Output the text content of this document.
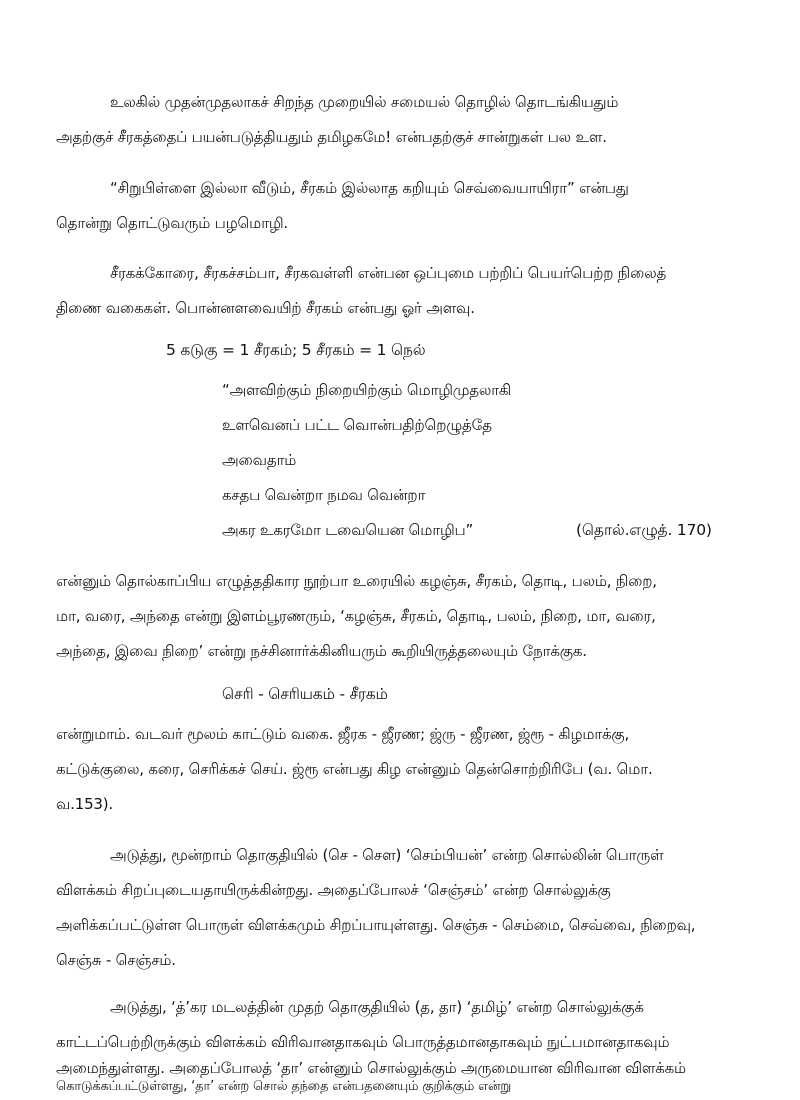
உலகில் முதன்முதலாகச் சிறந்த முறையில் சமையல் தொழில் தொடங்கியதும்
அதற்குச் சீரகத்தைப் பயன்படுத்தியதும் தமிழகமே! என்பதற்குச் சான்றுகள் பல உள.
“சிறுபிள்ளை இல்லா வீடும், சீரகம் இல்லாத கறியும் செவ்வையாயிரா” என்பது
தொன்று தொட்டுவரும் பழமொழி.
சீரகக்கோரை, சீரகச்சம்பா, சீரகவள்ளி என்பன ஒப்புமை பற்றிப் பெயர்பெற்ற நிலைத்
திணை வகைகள். பொன்னளவையிற் சீரகம் என்பது ஓர் அளவு.
5 கடுகு = 1 சீரகம்; 5 சீரகம் = 1 நெல்
“அளவிற்கும் நிறையிற்கும் மொழிமுதலாகி
உளவெனப் பட்ட வொன்பதிற்றெழுத்தே
அவைதாம்
கசதப வென்றா நமவ வென்றா
அகர உகரமோ டவையென மொழிப”	(தொல்.எழுத். 170)
என்னும் தொல்காப்பிய எழுத்ததிகார நூற்பா உரையில் கழஞ்சு, சீரகம், தொடி, பலம், நிறை,
மா, வரை, அந்தை என்று இளம்பூரணரும், ‘கழஞ்சு, சீரகம், தொடி, பலம், நிறை, மா, வரை,
அந்தை, இவை நிறை’ என்று நச்சினார்க்கினியரும் கூறியிருத்தலையும் நோக்குக.
செரி - செரியகம் - சீரகம்
என்றுமாம். வடவர் மூலம் காட்டும் வகை. ஜீரக - ஜீரண; ஜ்ரு - ஜீரண, ஜ்ரூ - கிழமாக்கு,
கட்டுக்குலை, கரை, செரிக்கச் செய். ஜ்ரூ என்பது கிழ என்னும் தென்சொற்றிரிபே (வ. மொ.
வ.153).
அடுத்து, மூன்றாம் தொகுதியில் (செ - சௌ) ‘செம்பியன்’ என்ற சொல்லின் பொருள்
விளக்கம் சிறப்புடையதாயிருக்கின்றது. அதைப்போலச் ‘செஞ்சம்’ என்ற சொல்லுக்கு
அளிக்கப்பட்டுள்ள பொருள் விளக்கமும் சிறப்பாயுள்ளது. செஞ்சு - செம்மை, செவ்வை, நிறைவு,
செஞ்சு - செஞ்சம்.
அடுத்து, ‘த்’கர மடலத்தின் முதற் தொகுதியில் (த, தா) ‘தமிழ்’ என்ற சொல்லுக்குக்
காட்டப்பெற்றிருக்கும் விளக்கம் விரிவானதாகவும் பொருத்தமானதாகவும் நுட்பமானதாகவும்
அமைந்துள்ளது. அதைப்போலத் ‘தா’ என்னும் சொல்லுக்கும் அருமையான விரிவான விளக்கம்
கொடுக்கப்பட்டுள்ளது, ‘தா’ என்ற சொல் தந்தை என்பதனையும் குறிக்கும் என்று
நிறுவியிருப்பது ஆராய்ச்சியாளரின் சான்றாண்மையைக் காட்டுகிறது.
